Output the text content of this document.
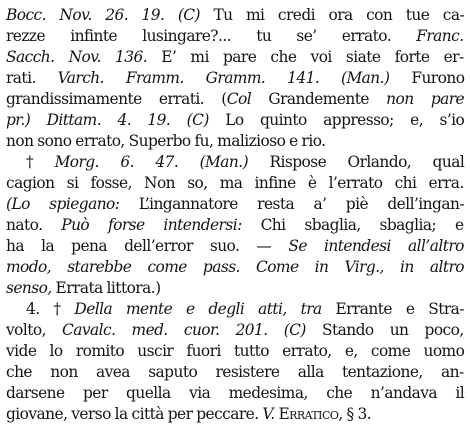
Bocc. Nov. 26. 19. (C) Tu mi credi ora con tue ca-
rezze infinte lusingare?... tu se’ errato. Franc.
Sacch. Nov. 136. E’ mi pare che voi siate forte er-
rati. Varch. Framm. Gramm. 141. (Man.) Furono
grandissimamente errati. (Col Grandemente non pare
pr.) Dittam. 4. 19. (C) Lo quinto appresso; e, s’io
non sono errato, Superbo fu, malizioso e rio.
† Morg. 6. 47. (Man.) Rispose Orlando, qual
cagion si fosse, Non so, ma infine è l’errato chi erra.
(Lo spiegano: L’ingannatore resta a’ piè dell’ingan-
nato. Può forse intendersi: Chi sbaglia, sbaglia; e
ha la pena dell’error suo. — Se intendesi all’altro
modo, starebbe come pass. Come in Virg., in altro
senso, Errata littora.)
4. † Della mente e degli atti, tra Errante e Stra-
volto, Cavalc. med. cuor. 201. (C) Stando un poco,
vide lo romito uscir fuori tutto errato, e, come uomo
che non avea saputo resistere alla tentazione, an-
darsene per quella via medesima, che n’andava il
giovane, verso la città per peccare. V. Erratico, § 3.
